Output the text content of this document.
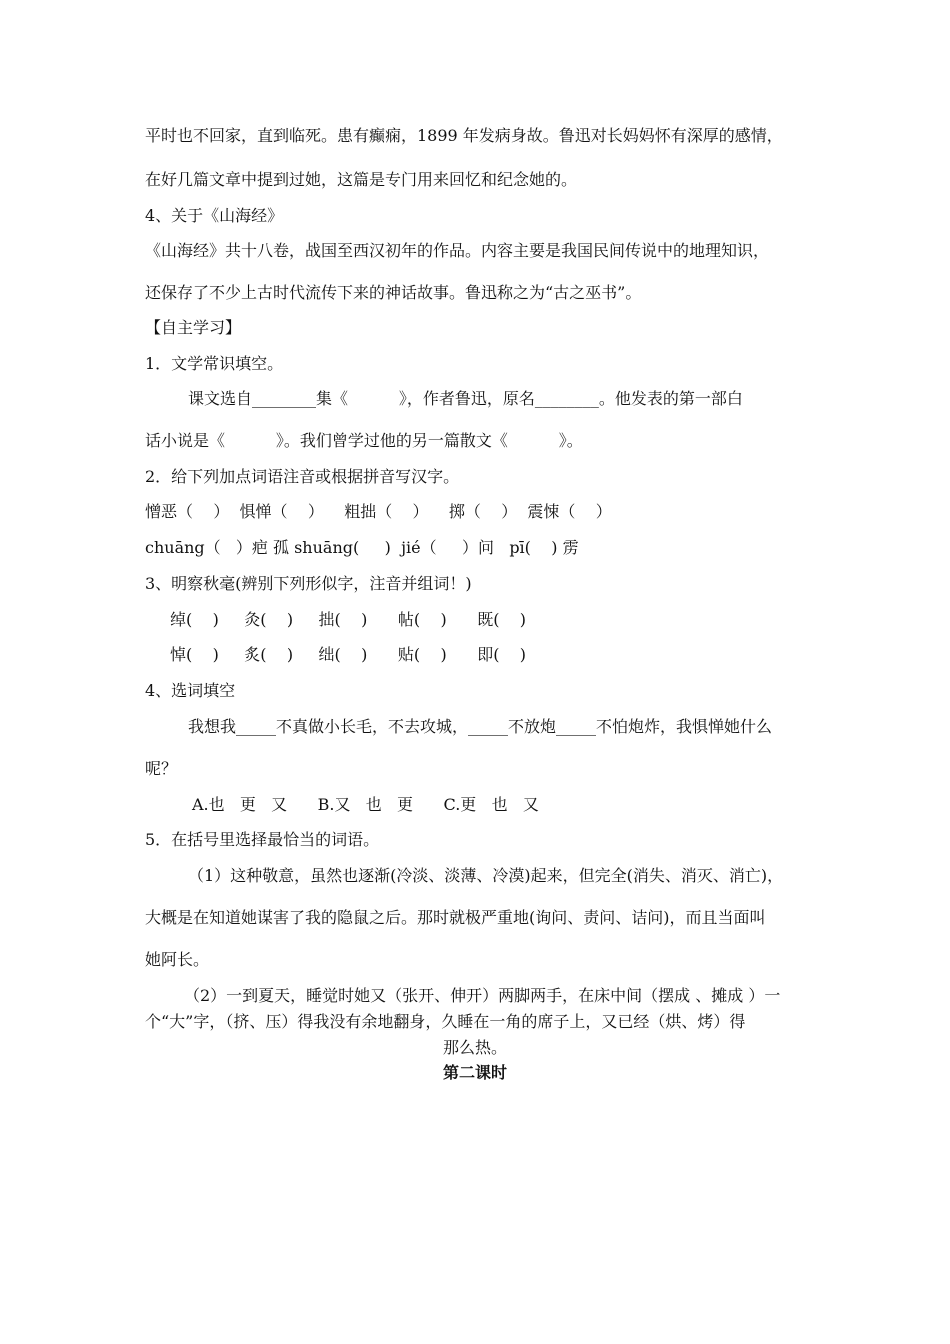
平时也不回家，直到临死。患有癫痫，1899 年发病身故。鲁迅对长妈妈怀有深厚的感情，
在好几篇文章中提到过她，这篇是专门用来回忆和纪念她的。
4、关于《山海经》
《山海经》共十八卷，战国至西汉初年的作品。内容主要是我国民间传说中的地理知识，
还保存了不少上古时代流传下来的神话故事。鲁迅称之为“古之巫书”。
【自主学习】
1．文学常识填空。
课文选自________集《          》，作者鲁迅，原名________。他发表的第一部白
话小说是《          》。我们曾学过他的另一篇散文《          》。
2．给下列加点词语注音或根据拼音写汉字。
憎恶（    ）  惧惮（    ）    粗拙（    ）    掷（    ）  震悚（    ）
chuāng（   ）疤 孤 shuāng(     )  jié（     ）问   pī(    ) 雳
3、明察秋毫(辨别下列形似字，注音并组词！)
绰(    )     灸(    )     拙(    )      帖(    )      既(    )
悼(    )     炙(    )     绌(    )      贴(    )      即(    )
4、选词填空
我想我_____不真做小长毛，不去攻城，_____不放炮_____不怕炮炸，我惧惮她什么
呢？
A.也   更   又      B.又   也   更      C.更   也   又
5．在括号里选择最恰当的词语。
（1）这种敬意，虽然也逐渐(冷淡、淡薄、冷漠)起来，但完全(消失、消灭、消亡)，
大概是在知道她谋害了我的隐鼠之后。那时就极严重地(询问、责问、诘问)，而且当面叫
她阿长。
（2）一到夏天，睡觉时她又（张开、伸开）两脚两手，在床中间（摆成 、摊成 ）一
个“大”字，（挤、压）得我没有余地翻身，久睡在一角的席子上，又已经（烘、烤）得
那么热。
第二课时
